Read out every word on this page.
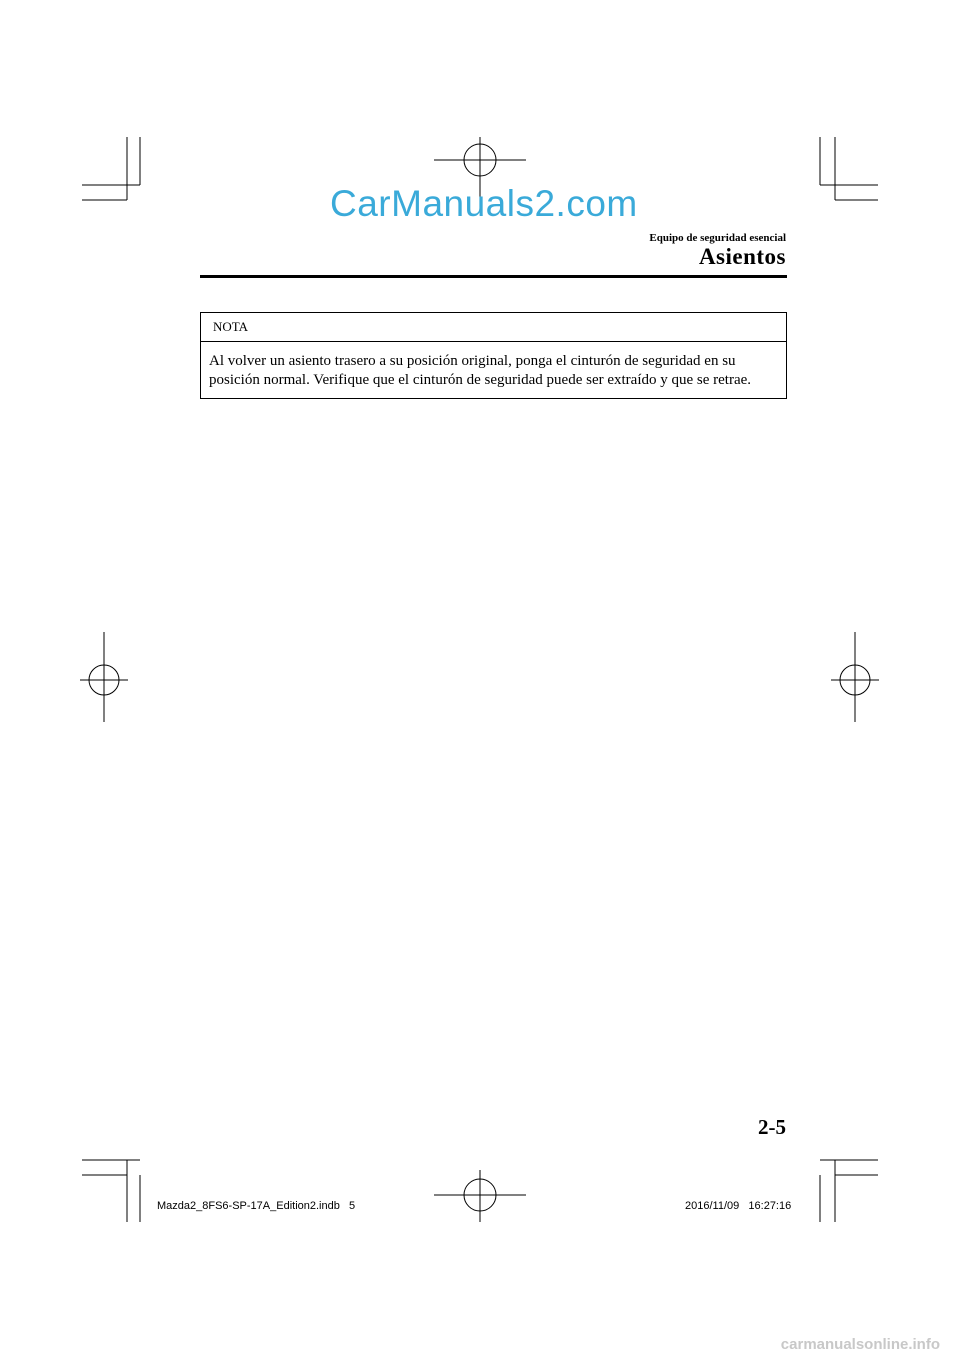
CarManuals2.com
Equipo de seguridad esencial
Asientos
NOTA
Al volver un asiento trasero a su posición original, ponga el cinturón de seguridad en su
posición normal. Verifique que el cinturón de seguridad puede ser extraído y que se retrae.
2-5
Mazda2_8FS6-SP-17A_Edition2.indb   5	2016/11/09   16:27:16
carmanualsonline.info
